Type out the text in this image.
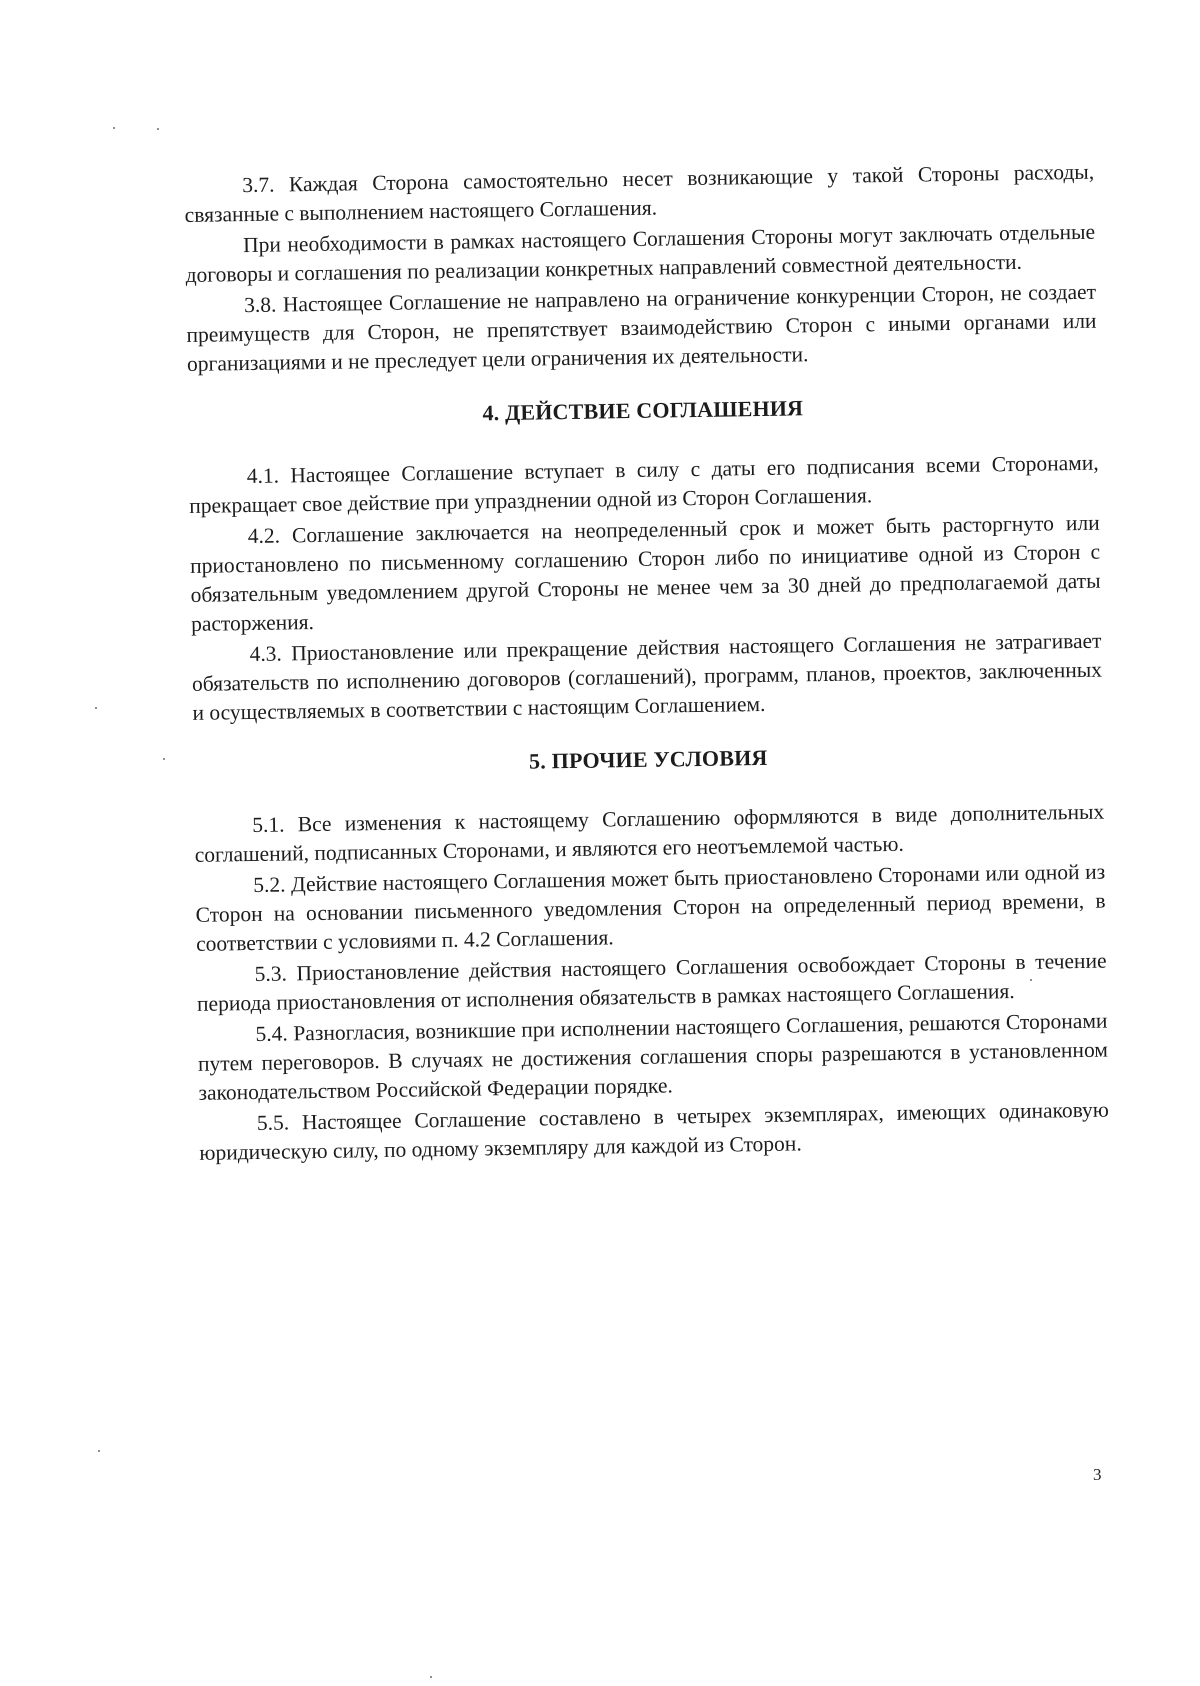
3.7. Каждая Сторона самостоятельно несет возникающие у такой Стороны расходы, связанные с выполнением настоящего Соглашения.

При необходимости в рамках настоящего Соглашения Стороны могут заключать отдельные договоры и соглашения по реализации конкретных направлений совместной деятельности.

3.8. Настоящее Соглашение не направлено на ограничение конкуренции Сторон, не создает преимуществ для Сторон, не препятствует взаимодействию Сторон с иными органами или организациями и не преследует цели ограничения их деятельности.

4. ДЕЙСТВИЕ СОГЛАШЕНИЯ

4.1. Настоящее Соглашение вступает в силу с даты его подписания всеми Сторонами, прекращает свое действие при упразднении одной из Сторон Соглашения.

4.2. Соглашение заключается на неопределенный срок и может быть расторгнуто или приостановлено по письменному соглашению Сторон либо по инициативе одной из Сторон с обязательным уведомлением другой Стороны не менее чем за 30 дней до предполагаемой даты расторжения.

4.3. Приостановление или прекращение действия настоящего Соглашения не затрагивает обязательств по исполнению договоров (соглашений), программ, планов, проектов, заключенных и осуществляемых в соответствии с настоящим Соглашением.

5. ПРОЧИЕ УСЛОВИЯ

5.1. Все изменения к настоящему Соглашению оформляются в виде дополнительных соглашений, подписанных Сторонами, и являются его неотъемлемой частью.

5.2. Действие настоящего Соглашения может быть приостановлено Сторонами или одной из Сторон на основании письменного уведомления Сторон на определенный период времени, в соответствии с условиями п. 4.2 Соглашения.

5.3. Приостановление действия настоящего Соглашения освобождает Стороны в течение периода приостановления от исполнения обязательств в рамках настоящего Соглашения.

5.4. Разногласия, возникшие при исполнении настоящего Соглашения, решаются Сторонами путем переговоров. В случаях не достижения соглашения споры разрешаются в установленном законодательством Российской Федерации порядке.

5.5. Настоящее Соглашение составлено в четырех экземплярах, имеющих одинаковую юридическую силу, по одному экземпляру для каждой из Сторон.

3
